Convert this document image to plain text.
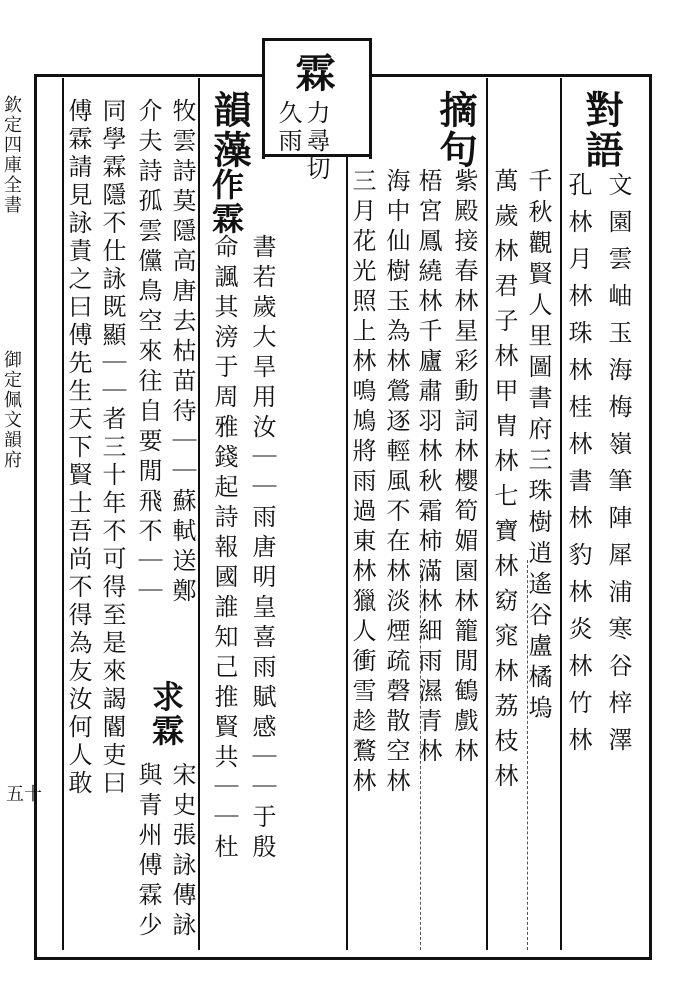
欽定四庫全書
御定佩文韻府
五十
霖
力尋切
久雨	對語
文園雲岫玉海梅嶺筆陣犀浦寒谷梓澤
孔林月林珠林桂林書林豹林炎林竹林
千秋觀賢人里圖書府三珠樹逍遙谷盧橘塢
萬歲林君子林甲胄林七寶林窈窕林荔枝林
摘句
紫殿接春林星彩動詞林櫻筍媚園林籠閒鶴戲林
梧宮鳳繞林千廬肅羽林秋霜柿滿林細雨濕青林
海中仙樹玉為林鶯逐輕風不在林淡煙疏磬散空林
三月花光照上林鳴鳩將雨過東林獵人衝雪趁鶩林
韻藻
作霖
書若歲大旱用汝｜｜雨唐明皇喜雨賦感｜｜于殷
命諷其滂于周雅錢起詩報國誰知己推賢共｜｜杜
牧雲詩莫隱高唐去枯苗待｜｜蘇軾送鄭
介夫詩孤雲儻鳥空來往自要閒飛不｜｜
求霖
宋史張詠傳詠
與青州傅霖少
同學霖隱不仕詠既顯｜｜者三十年不可得至是來謁閽吏曰
傅霖請見詠責之曰傅先生天下賢士吾尚不得為友汝何人敢
